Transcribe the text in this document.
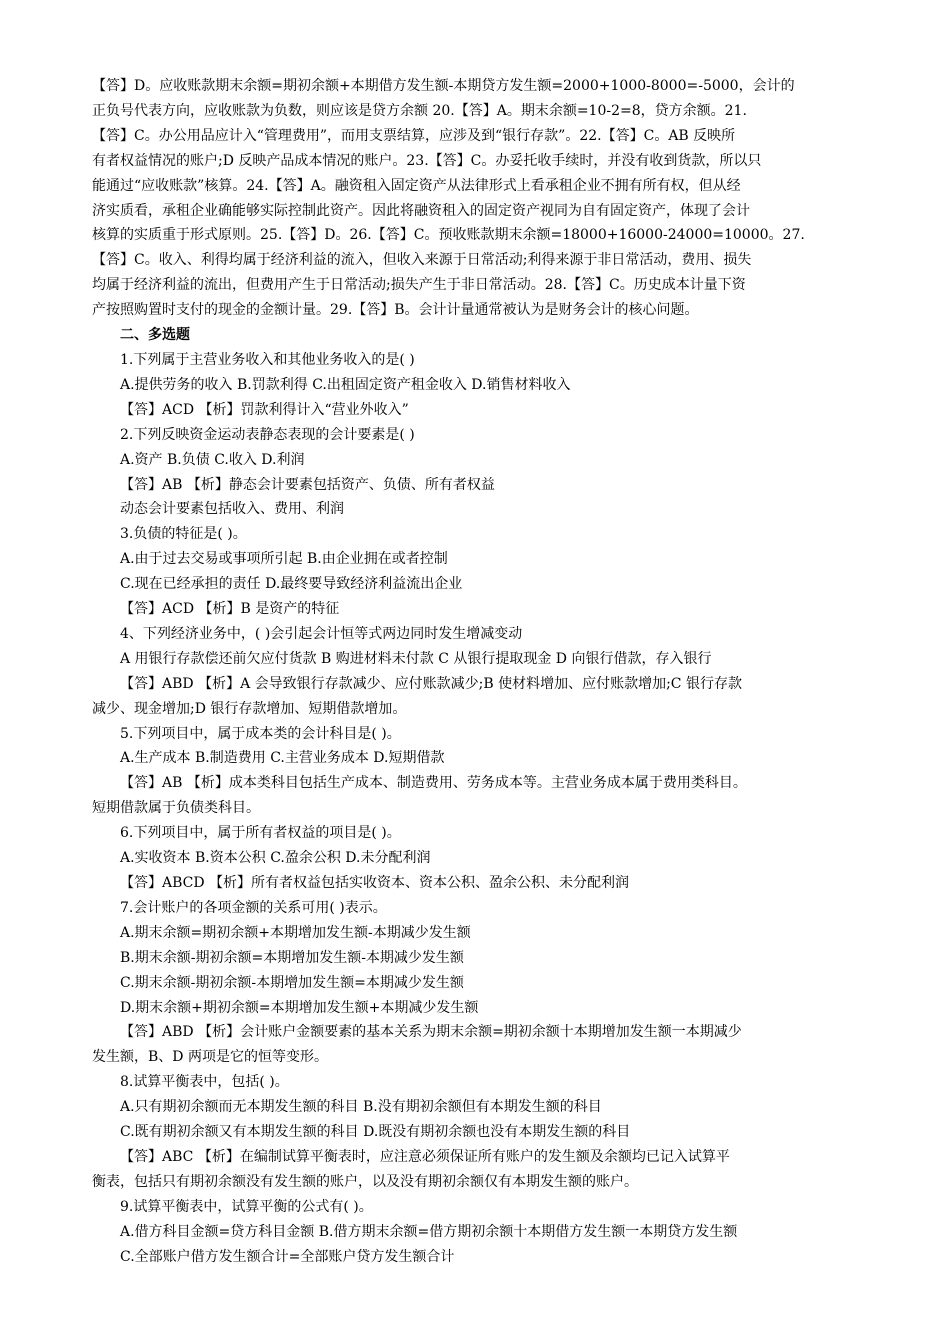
【答】D。应收账款期末余额=期初余额+本期借方发生额-本期贷方发生额=2000+1000-8000=-5000，会计的
正负号代表方向，应收账款为负数，则应该是贷方余额 20.【答】A。期末余额=10-2=8，贷方余额。21.
【答】C。办公用品应计入“管理费用”，而用支票结算，应涉及到“银行存款”。22.【答】C。AB 反映所
有者权益情况的账户;D 反映产品成本情况的账户。23.【答】C。办妥托收手续时，并没有收到货款，所以只
能通过“应收账款”核算。24.【答】A。融资租入固定资产从法律形式上看承租企业不拥有所有权，但从经
济实质看，承租企业确能够实际控制此资产。因此将融资租入的固定资产视同为自有固定资产，体现了会计
核算的实质重于形式原则。25.【答】D。26.【答】C。预收账款期末余额=18000+16000-24000=10000。27.
【答】C。收入、利得均属于经济利益的流入，但收入来源于日常活动;利得来源于非日常活动，费用、损失
均属于经济利益的流出，但费用产生于日常活动;损失产生于非日常活动。28.【答】C。历史成本计量下资
产按照购置时支付的现金的金额计量。29.【答】B。会计计量通常被认为是财务会计的核心问题。
二、多选题
1.下列属于主营业务收入和其他业务收入的是( )
A.提供劳务的收入 B.罚款利得 C.出租固定资产租金收入 D.销售材料收入
【答】ACD 【析】罚款利得计入“营业外收入”
2.下列反映资金运动表静态表现的会计要素是( )
A.资产 B.负债 C.收入 D.利润
【答】AB 【析】静态会计要素包括资产、负债、所有者权益
动态会计要素包括收入、费用、利润
3.负债的特征是( )。
A.由于过去交易或事项所引起 B.由企业拥在或者控制
C.现在已经承担的责任 D.最终要导致经济利益流出企业
【答】ACD 【析】B 是资产的特征
4、下列经济业务中，( )会引起会计恒等式两边同时发生增减变动
A 用银行存款偿还前欠应付货款 B 购进材料未付款 C 从银行提取现金 D 向银行借款，存入银行
【答】ABD 【析】A 会导致银行存款减少、应付账款减少;B 使材料增加、应付账款增加;C 银行存款
减少、现金增加;D 银行存款增加、短期借款增加。
5.下列项目中，属于成本类的会计科目是( )。
A.生产成本 B.制造费用 C.主营业务成本 D.短期借款
【答】AB 【析】成本类科目包括生产成本、制造费用、劳务成本等。主营业务成本属于费用类科目。
短期借款属于负债类科目。
6.下列项目中，属于所有者权益的项目是( )。
A.实收资本 B.资本公积 C.盈余公积 D.未分配利润
【答】ABCD 【析】所有者权益包括实收资本、资本公积、盈余公积、未分配利润
7.会计账户的各项金额的关系可用( )表示。
A.期末余额=期初余额+本期增加发生额-本期减少发生额
B.期末余额-期初余额=本期增加发生额-本期减少发生额
C.期末余额-期初余额-本期增加发生额=本期减少发生额
D.期末余额+期初余额=本期增加发生额+本期减少发生额
【答】ABD 【析】会计账户金额要素的基本关系为期末余额=期初余额十本期增加发生额一本期减少
发生额，B、D 两项是它的恒等变形。
8.试算平衡表中，包括( )。
A.只有期初余额而无本期发生额的科目 B.没有期初余额但有本期发生额的科目
C.既有期初余额又有本期发生额的科目 D.既没有期初余额也没有本期发生额的科目
【答】ABC 【析】在编制试算平衡表时，应注意必须保证所有账户的发生额及余额均已记入试算平
衡表，包括只有期初余额没有发生额的账户，以及没有期初余额仅有本期发生额的账户。
9.试算平衡表中，试算平衡的公式有( )。
A.借方科目金额=贷方科目金额 B.借方期末余额=借方期初余额十本期借方发生额一本期贷方发生额
C.全部账户借方发生额合计=全部账户贷方发生额合计
